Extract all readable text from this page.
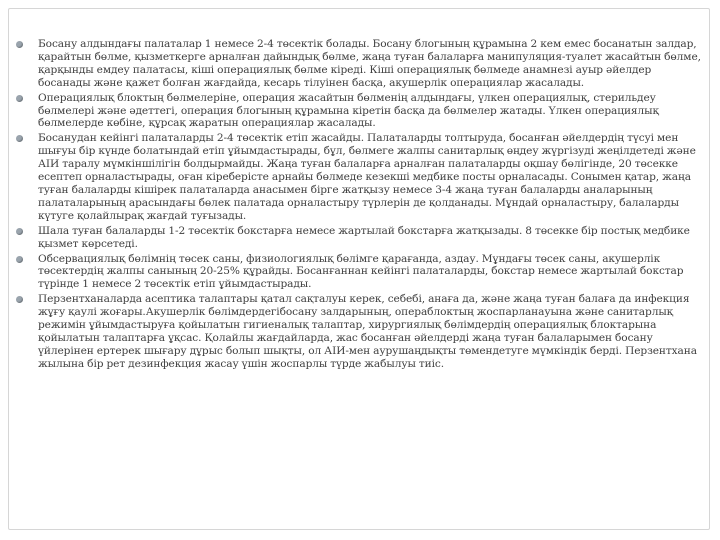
Босану алдындағы палаталар 1 немесе 2-4 төсектік болады. Босану блогының құрамына 2 кем емес босанатын залдар, қарайтын бөлме, қызметкерге арналған дайындық бөлме, жаңа туған балаларға манипуляция-туалет жасайтын бөлме, қарқынды емдеу палатасы, кіші операциялық бөлме кіреді. Кіші операциялық бөлмеде анамнезі ауыр әйелдер босанады және қажет болған жағдайда, кесарь тілуінен басқа, акушерлік операциялар жасалады.
Операциялық блоктың бөлмелеріне, операция жасайтын бөлменің алдындағы, үлкен операциялық, стерильдеу бөлмелері және әдеттегі, операция блогының құрамына кіретін басқа да бөлмелер жатады. Үлкен операциялық бөлмелерде көбіне, құрсақ жаратын операциялар жасалады.
Босанудан кейінгі палаталарды 2-4 төсектік етіп жасайды. Палаталарды толтыруда, босанған әйелдердің түсуі мен шығуы бір күнде болатындай етіп ұйымдастырады, бұл, бөлмеге жалпы санитарлық өңдеу жүргізуді жеңілдетеді және АІИ таралу мүмкіншілігін болдырмайды. Жаңа туған балаларға арналған палаталарды оқшау бөлігінде, 20 төсекке есептеп орналастырады, оған кіреберісте арнайы бөлмеде кезекші медбике посты орналасады. Сонымен қатар, жаңа туған балаларды кішірек палаталарда анасымен бірге жатқызу немесе 3-4 жаңа туған балаларды аналарының палаталарының арасындағы бөлек палатада орналастыру түрлерін де қолданады. Мұндай орналастыру, балаларды күтуге қолайлырақ жағдай туғызады.
Шала туған балаларды 1-2 төсектік бокстарға немесе жартылай бокстарға жатқызады. 8 төсекке бір постық медбике қызмет көрсетеді.
Обсервациялық бөлімнің төсек саны, физиологиялық бөлімге қарағанда, аздау. Мұндағы төсек саны, акушерлік төсектердің жалпы санының 20-25% құрайды. Босанғаннан кейінгі палаталарды, бокстар немесе жартылай бокстар түрінде 1 немесе 2 төсектік етіп ұйымдастырады.
Перзентханаларда асептика талаптары қатал сақталуы керек, себебі, анаға да, және жаңа туған балаға да инфекция жұғу қаулі жоғары.Акушерлік бөлімдердегібосану залдарының, операблоктың жоспарланауына және санитарлық режимін ұйымдастыруға қойылатын гигиеналық талаптар, хирургиялық бөлімдердің операциялық блоктарына қойылатын талаптарға ұқсас. Қолайлы жағдайларда, жас босанған әйелдерді жаңа туған балаларымен босану үйлерінен ертерек шығару дұрыс болып шықты, ол АІИ-мен аурушаңдықты төмендетуге мүмкіндік берді. Перзентхана жылына бір рет дезинфекция жасау үшін жоспарлы түрде жабылуы тиіс.
